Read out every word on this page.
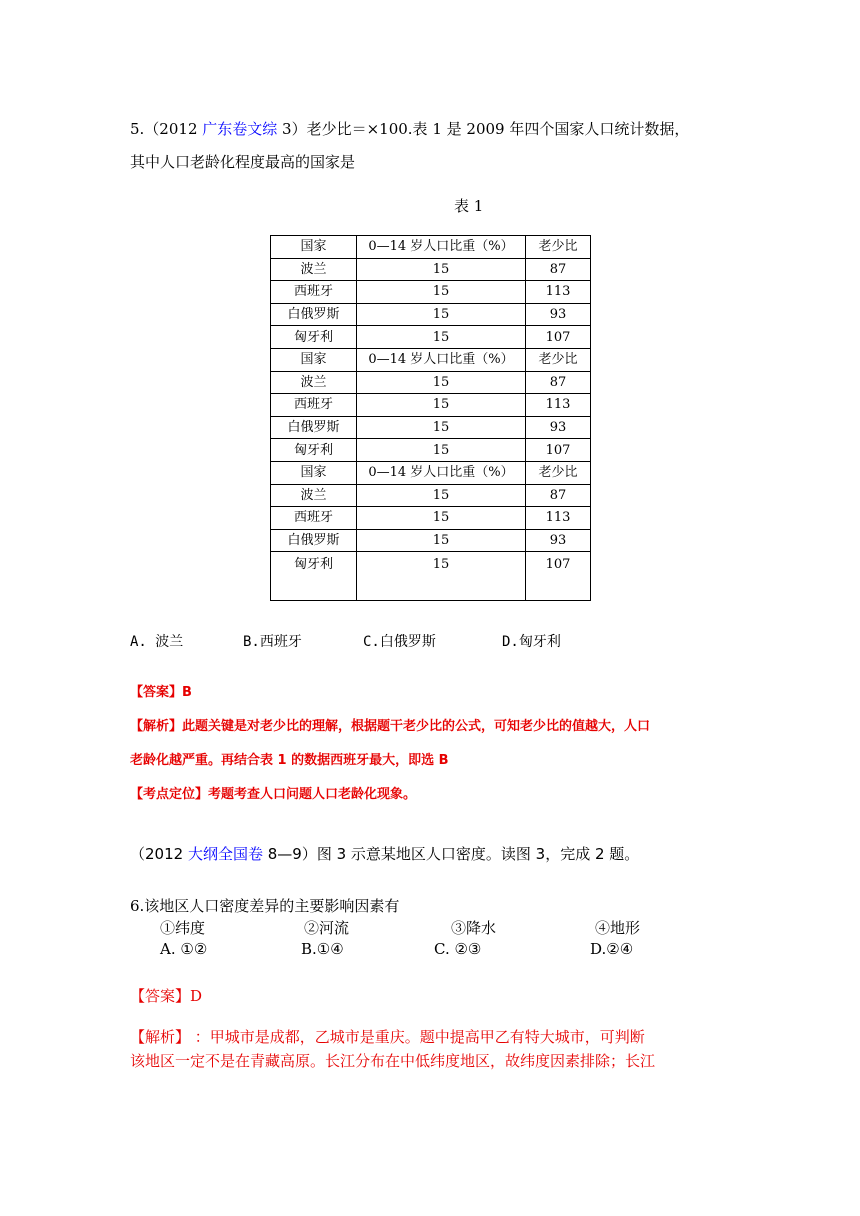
5.（2012 广东卷文综 3）老少比＝×100.表 1 是 2009 年四个国家人口统计数据，
其中人口老龄化程度最高的国家是
表 1
国家	0—14 岁人口比重（%）	老少比
波兰	15	87
西班牙	15	113
白俄罗斯	15	93
匈牙利	15	107
国家	0—14 岁人口比重（%）	老少比
波兰	15	87
西班牙	15	113
白俄罗斯	15	93
匈牙利	15	107
国家	0—14 岁人口比重（%）	老少比
波兰	15	87
西班牙	15	113
白俄罗斯	15	93
匈牙利	15	107
A. 波兰	B.西班牙	C.白俄罗斯	D.匈牙利
【答案】B
【解析】此题关键是对老少比的理解，根据题干老少比的公式，可知老少比的值越大，人口
老龄化越严重。再结合表 1 的数据西班牙最大，即选 B
【考点定位】考题考查人口问题人口老龄化现象。
（2012 大纲全国卷 8—9）图 3 示意某地区人口密度。读图 3，完成 2 题。
6.该地区人口密度差异的主要影响因素有
①纬度	②河流	③降水	④地形
A. ①②	B.①④	C. ②③	D.②④
【答案】D
【解析】 ：甲城市是成都，乙城市是重庆。题中提高甲乙有特大城市，可判断
该地区一定不是在青藏高原。长江分布在中低纬度地区，故纬度因素排除；长江
